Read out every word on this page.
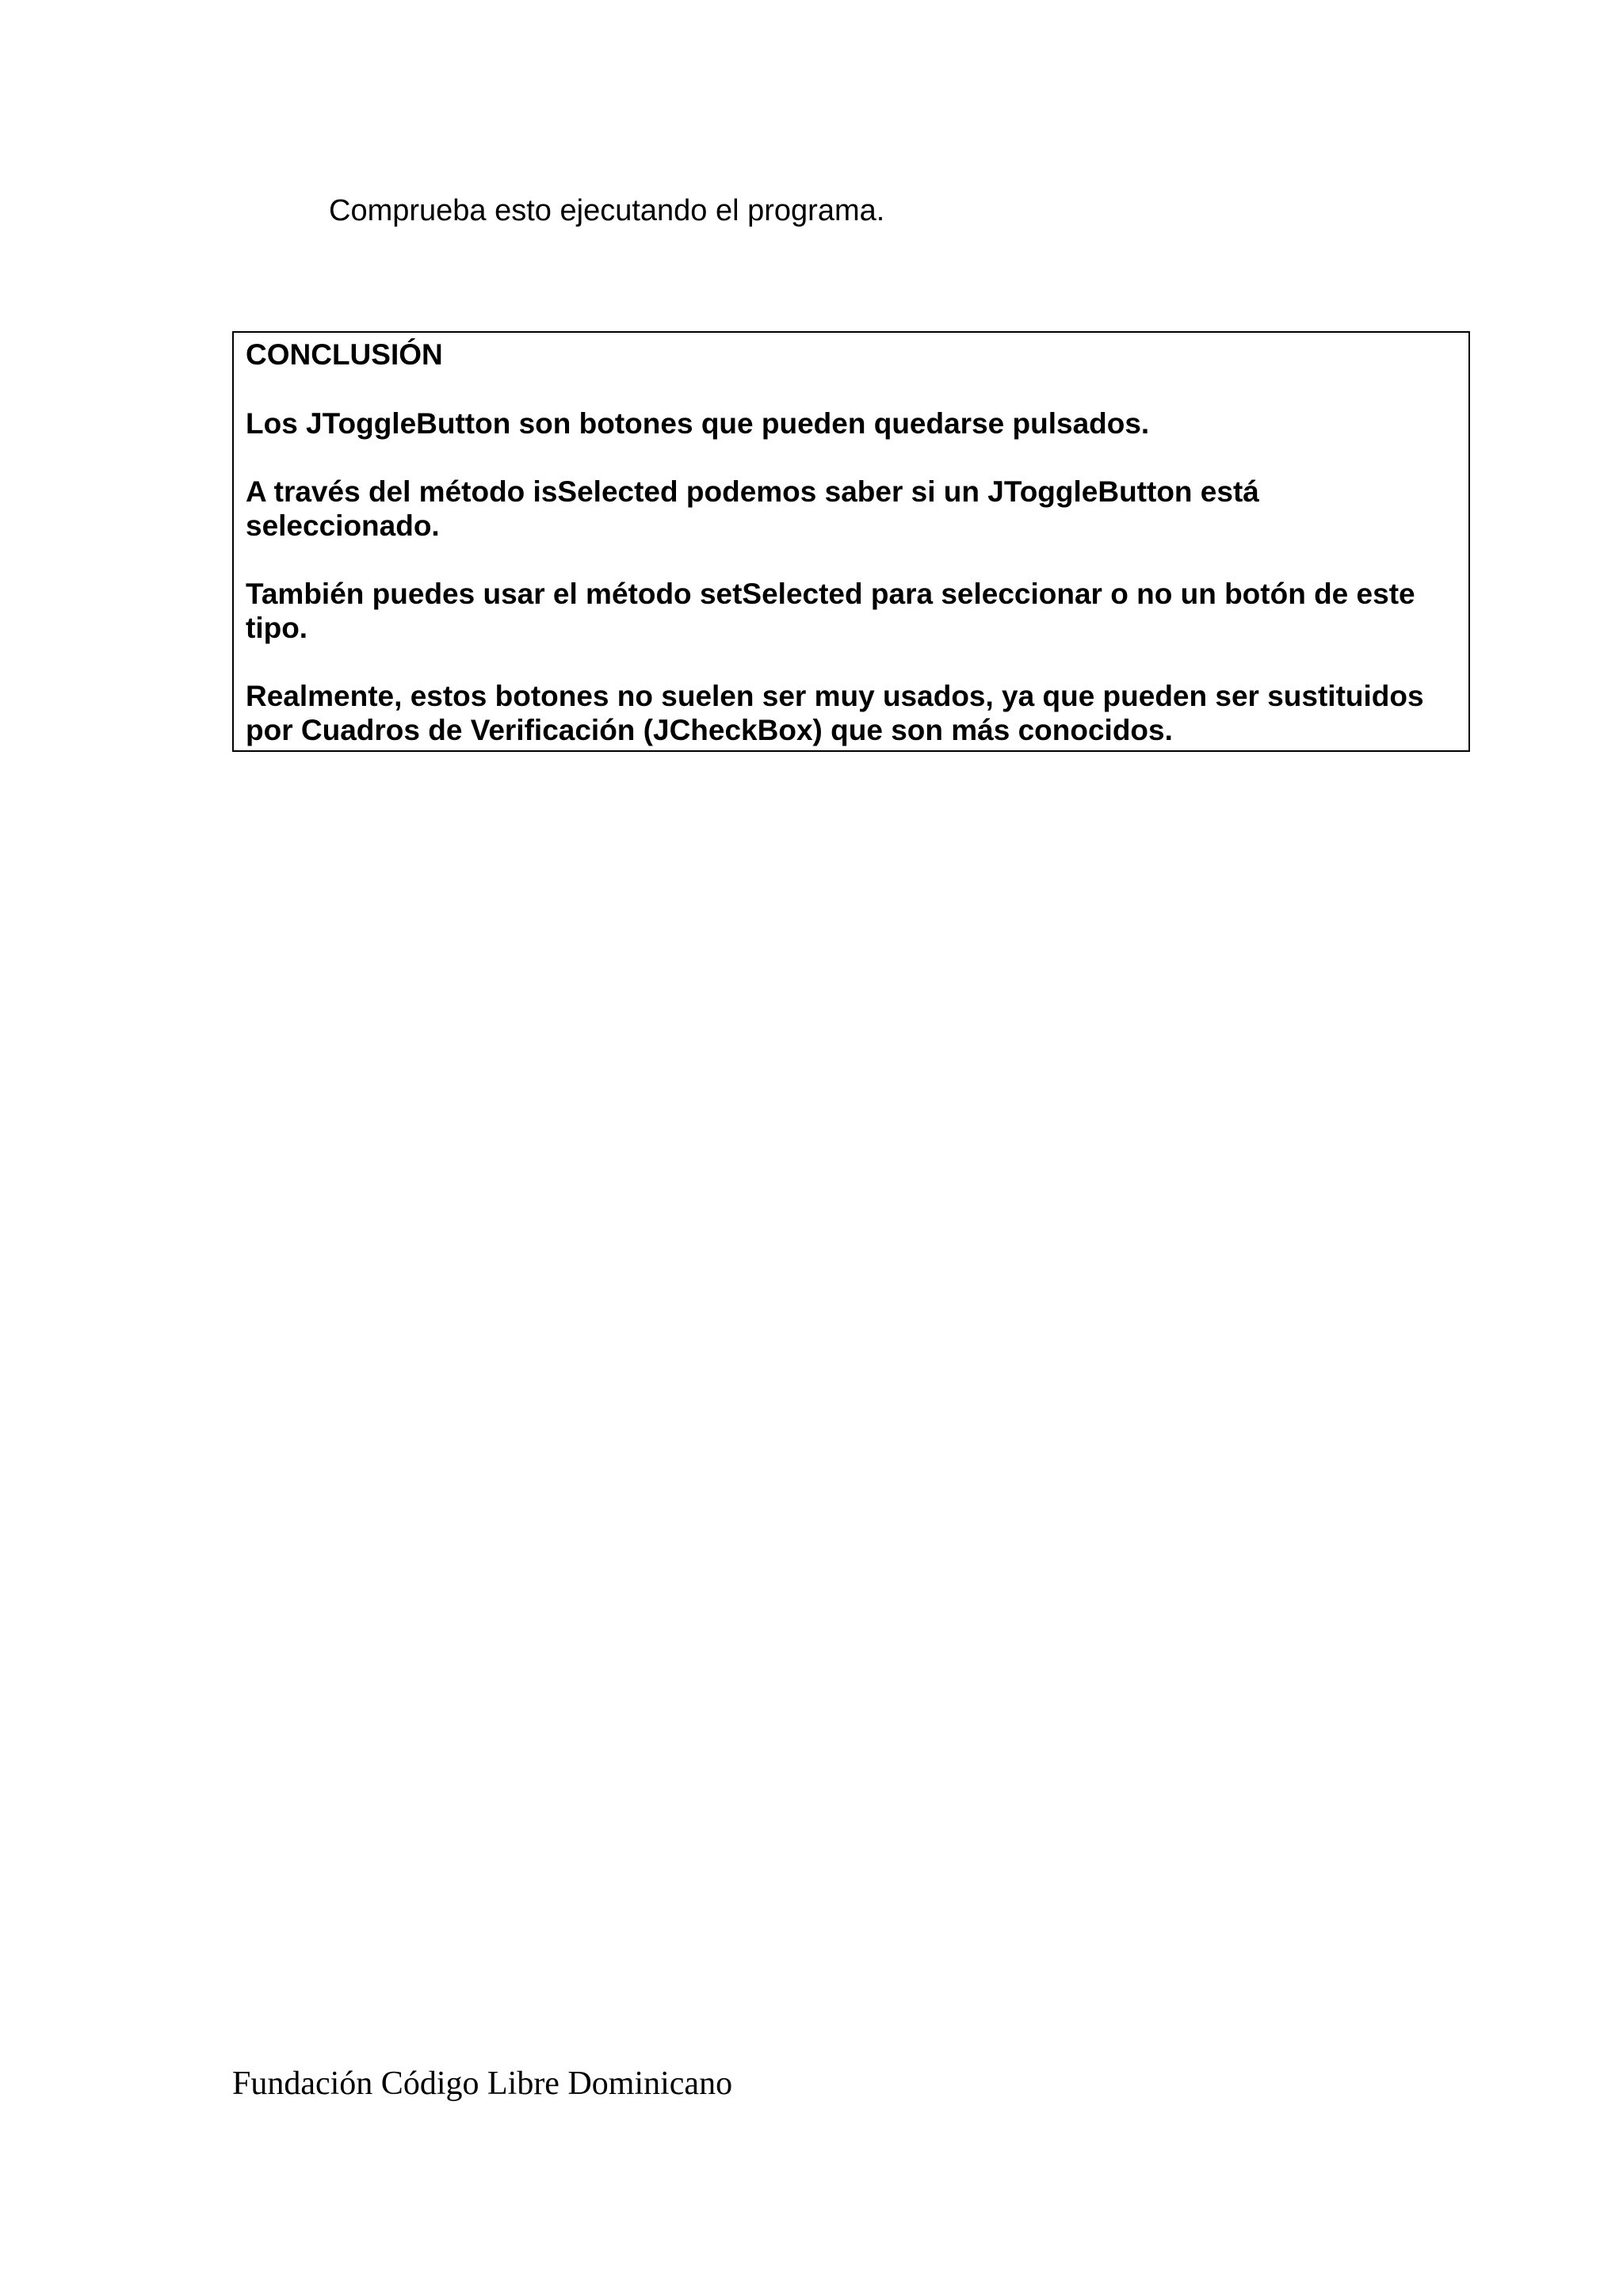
Comprueba esto ejecutando el programa.

CONCLUSIÓN

Los JToggleButton son botones que pueden quedarse pulsados.

A través del método isSelected podemos saber si un JToggleButton está seleccionado.

También puedes usar el método setSelected para seleccionar o no un botón de este tipo.

Realmente, estos botones no suelen ser muy usados, ya que pueden ser sustituidos por Cuadros de Verificación (JCheckBox) que son más conocidos.

Fundación Código Libre Dominicano
